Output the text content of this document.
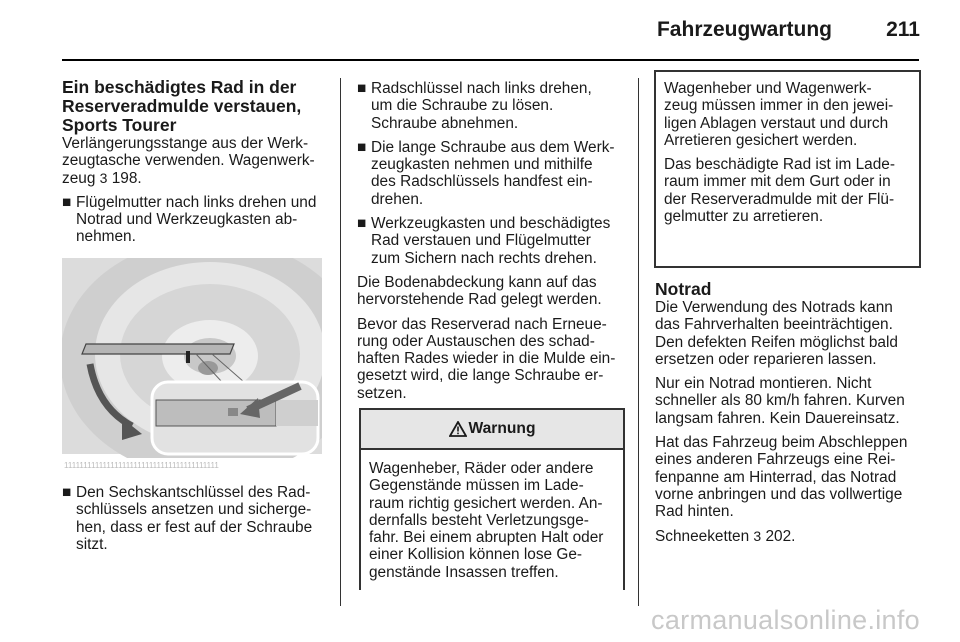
Fahrzeugwartung	211
Ein beschädigtes Rad in der
Reserveradmulde verstauen,
Sports Tourer

Verlängerungsstange aus der Werk-
zeugtasche verwenden. Wagenwerk-
zeug 3 198.

■ Flügelmutter nach links drehen und
Notrad und Werkzeugkasten ab-
nehmen.
1111111111111111111111111111111111111111
■ Den Sechskantschlüssel des Rad-
schlüssels ansetzen und sicherge-
hen, dass er fest auf der Schraube
sitzt.
■ Radschlüssel nach links drehen,
um die Schraube zu lösen.
Schraube abnehmen.
■ Die lange Schraube aus dem Werk-
zeugkasten nehmen und mithilfe
des Radschlüssels handfest ein-
drehen.
■ Werkzeugkasten und beschädigtes
Rad verstauen und Flügelmutter
zum Sichern nach rechts drehen.

Die Bodenabdeckung kann auf das
hervorstehende Rad gelegt werden.

Bevor das Reserverad nach Erneue-
rung oder Austauschen des schad-
haften Rades wieder in die Mulde ein-
gesetzt wird, die lange Schraube er-
setzen.

Warnung
Wagenheber, Räder oder andere
Gegenstände müssen im Lade-
raum richtig gesichert werden. An-
dernfalls besteht Verletzungsge-
fahr. Bei einem abrupten Halt oder
einer Kollision können lose Ge-
genstände Insassen treffen.

Wagenheber und Wagenwerk-
zeug müssen immer in den jewei-
ligen Ablagen verstaut und durch
Arretieren gesichert werden.

Das beschädigte Rad ist im Lade-
raum immer mit dem Gurt oder in
der Reserveradmulde mit der Flü-
gelmutter zu arretieren.

Notrad

Die Verwendung des Notrads kann
das Fahrverhalten beeinträchtigen.
Den defekten Reifen möglichst bald
ersetzen oder reparieren lassen.

Nur ein Notrad montieren. Nicht
schneller als 80 km/h fahren. Kurven
langsam fahren. Kein Dauereinsatz.

Hat das Fahrzeug beim Abschleppen
eines anderen Fahrzeugs eine Rei-
fenpanne am Hinterrad, das Notrad
vorne anbringen und das vollwertige
Rad hinten.

Schneeketten 3 202.

carmanualsonline.info
